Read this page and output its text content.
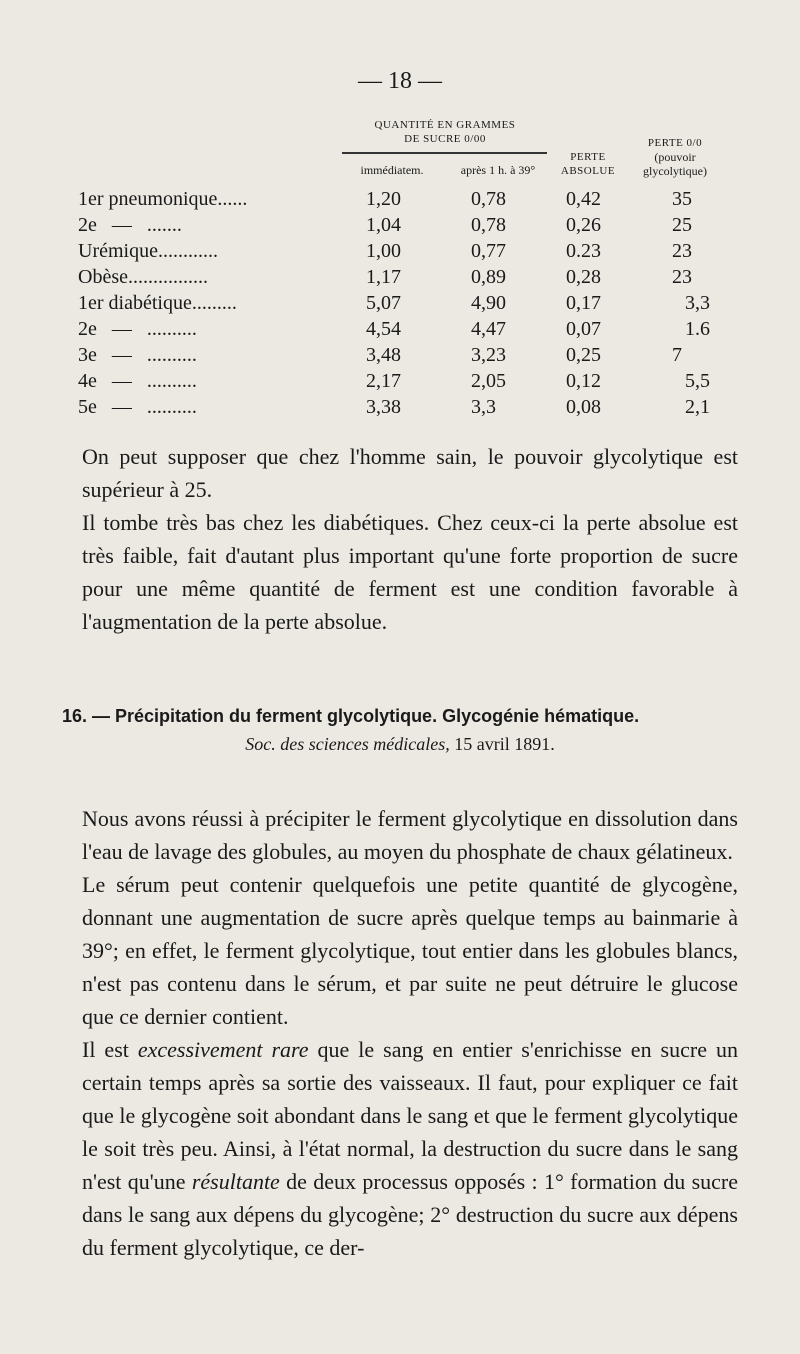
— 18 —
QUANTITÉ EN GRAMMES
DE SUCRE 0/00
immédiatem.	après 1 h. à 39°
PERTE
ABSOLUE
PERTE 0/0
(pouvoir
glycolytique)
1er pneumonique......	1,20	0,78	0,42	35
2e   —   .......	1,04	0,78	0,26	25
Urémique............	1,00	0,77	0.23	23
Obèse................	1,17	0,89	0,28	23
1er diabétique.........	5,07	4,90	0,17	3,3
2e   —   ..........	4,54	4,47	0,07	1.6
3e   —   ..........	3,48	3,23	0,25	7
4e   —   ..........	2,17	2,05	0,12	5,5
5e   —   ..........	3,38	3,3	0,08	2,1

On peut supposer que chez l'homme sain, le pouvoir glycolytique est supérieur à 25.

Il tombe très bas chez les diabétiques. Chez ceux-ci la perte absolue est très faible, fait d'autant plus important qu'une forte proportion de sucre pour une même quantité de ferment est une condition favorable à l'augmentation de la perte absolue.

16. — Précipitation du ferment glycolytique. Glycogénie hématique.
Soc. des sciences médicales, 15 avril 1891.

Nous avons réussi à précipiter le ferment glycolytique en dissolution dans l'eau de lavage des globules, au moyen du phosphate de chaux gélatineux.

Le sérum peut contenir quelquefois une petite quantité de glycogène, donnant une augmentation de sucre après quelque temps au bainmarie à 39°; en effet, le ferment glycolytique, tout entier dans les globules blancs, n'est pas contenu dans le sérum, et par suite ne peut détruire le glucose que ce dernier contient.

Il est excessivement rare que le sang en entier s'enrichisse en sucre un certain temps après sa sortie des vaisseaux. Il faut, pour expliquer ce fait que le glycogène soit abondant dans le sang et que le ferment glycolytique le soit très peu. Ainsi, à l'état normal, la destruction du sucre dans le sang n'est qu'une résultante de deux processus opposés : 1° formation du sucre dans le sang aux dépens du glycogène; 2° destruction du sucre aux dépens du ferment glycolytique, ce der-
